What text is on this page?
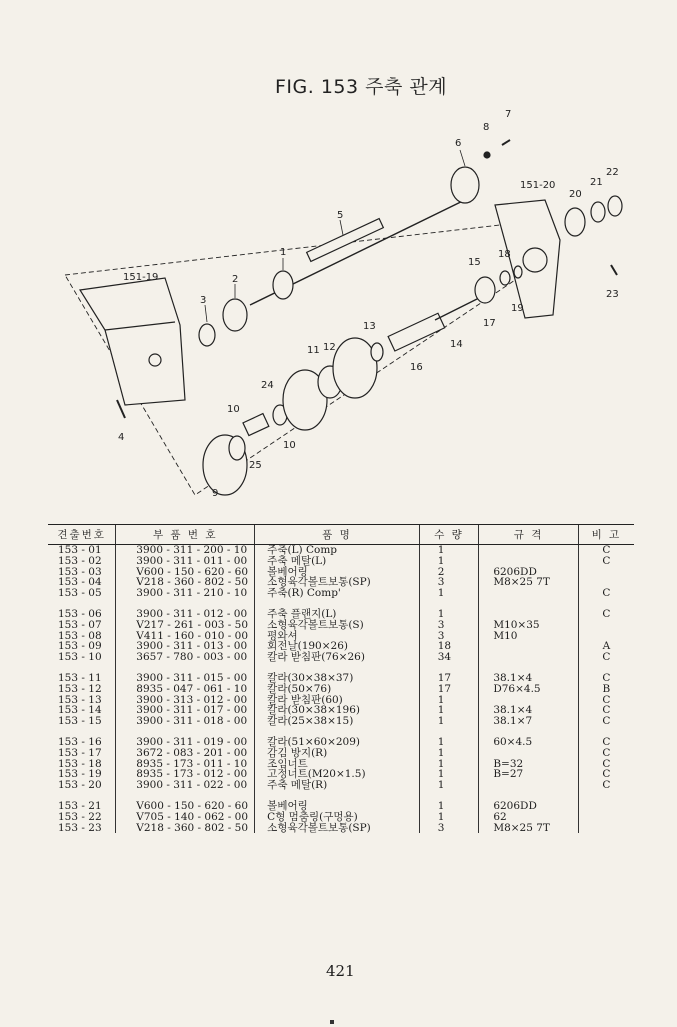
FIG. 153 주축 관계
1
2
3
4
5
6
7
8
9
10
10
11 12
13
14
15
16
17
18
19
20
21
22
23
24
25
151-19
151-20
견출번호	부 품 번 호	품 명	수 량	규 격	비 고
153 - 01	3900 - 311 - 200 - 10	주축(L) Comp	1		C
153 - 02	3900 - 311 - 011 - 00	주축 메탈(L)	1		C
153 - 03	V600 - 150 - 620 - 60	볼베어링	2	6206DD	
153 - 04	V218 - 360 - 802 - 50	소형육각볼트보통(SP)	3	M8×25 7T	
153 - 05	3900 - 311 - 210 - 10	주축(R) Comp'	1		C

153 - 06	3900 - 311 - 012 - 00	주축 플랜지(L)	1		C
153 - 07	V217 - 261 - 003 - 50	소형육각볼트보통(S)	3	M10×35	
153 - 08	V411 - 160 - 010 - 00	평와셔	3	M10	
153 - 09	3900 - 311 - 013 - 00	회전날(190×26)	18		A
153 - 10	3657 - 780 - 003 - 00	칼라 받침판(76×26)	34		C

153 - 11	3900 - 311 - 015 - 00	칼라(30×38×37)	17	38.1×4	C
153 - 12	8935 - 047 - 061 - 10	칼라(50×76)	17	D76×4.5	B
153 - 13	3900 - 313 - 012 - 00	칼라 받침판(60)	1		C
153 - 14	3900 - 311 - 017 - 00	칼라(30×38×196)	1	38.1×4	C
153 - 15	3900 - 311 - 018 - 00	칼라(25×38×15)	1	38.1×7	C

153 - 16	3900 - 311 - 019 - 00	칼라(51×60×209)	1	60×4.5	C
153 - 17	3672 - 083 - 201 - 00	감김 방지(R)	1		C
153 - 18	8935 - 173 - 011 - 10	조임너트	1	B=32	C
153 - 19	8935 - 173 - 012 - 00	고정너트(M20×1.5)	1	B=27	C
153 - 20	3900 - 311 - 022 - 00	주축 메탈(R)	1		C

153 - 21	V600 - 150 - 620 - 60	볼베어링	1	6206DD	
153 - 22	V705 - 140 - 062 - 00	C형 멈춤링(구멍용)	1	62	
153 - 23	V218 - 360 - 802 - 50	소형육각볼트보통(SP)	3	M8×25 7T	
421
